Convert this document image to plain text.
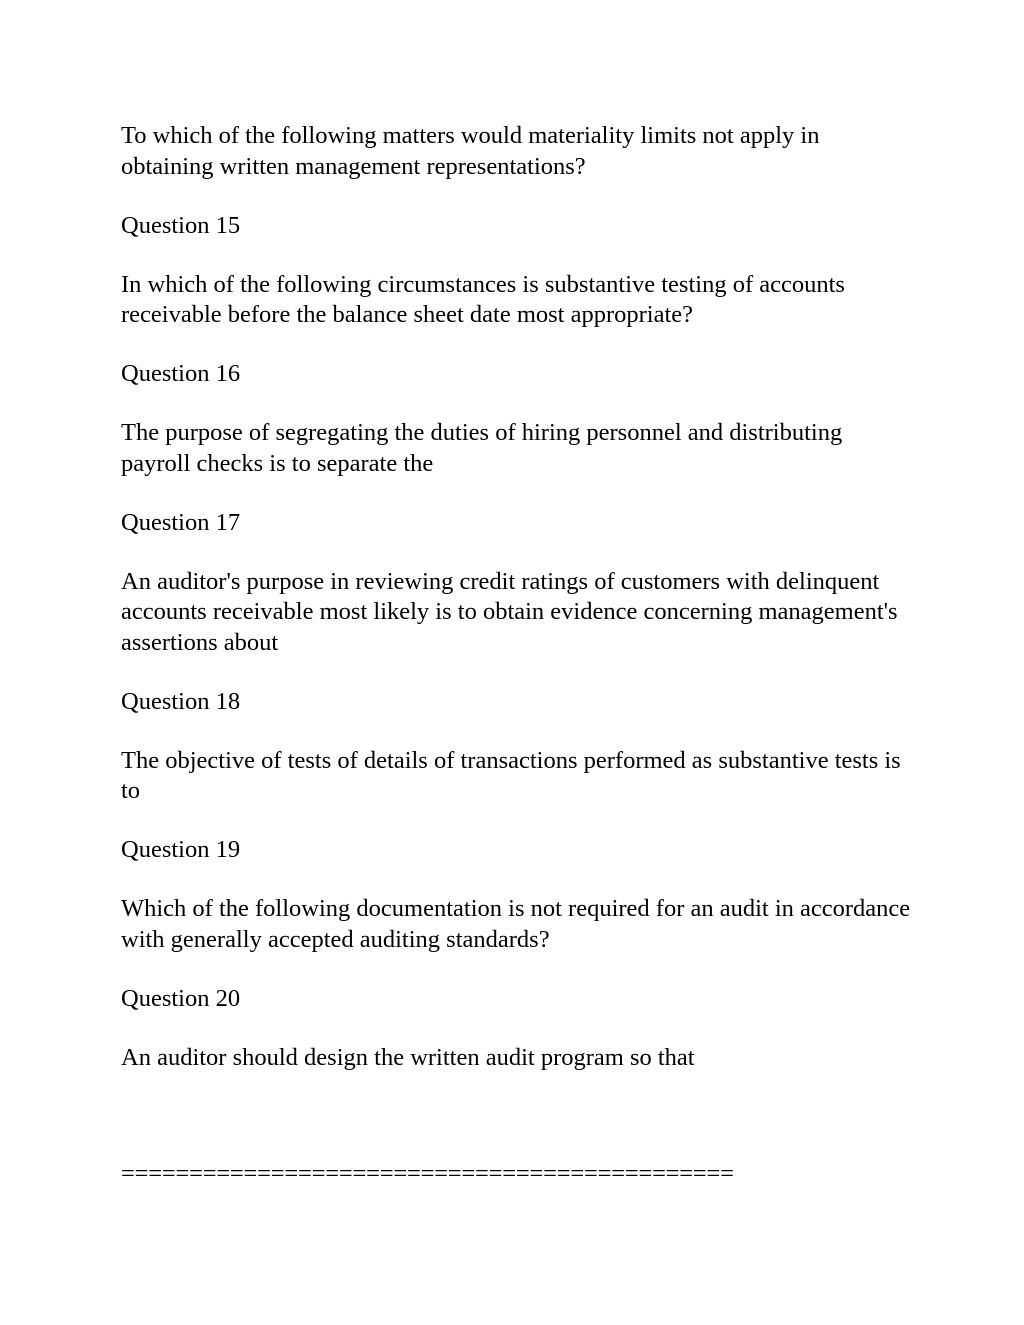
To which of the following matters would materiality limits not apply in obtaining written management representations?

Question 15

In which of the following circumstances is substantive testing of accounts receivable before the balance sheet date most appropriate?

Question 16

The purpose of segregating the duties of hiring personnel and distributing payroll checks is to separate the

Question 17

An auditor's purpose in reviewing credit ratings of customers with delinquent accounts receivable most likely is to obtain evidence concerning management's assertions about

Question 18

The objective of tests of details of transactions performed as substantive tests is to

Question 19

Which of the following documentation is not required for an audit in accordance with generally accepted auditing standards?

Question 20

An auditor should design the written audit program so that

=============================================
